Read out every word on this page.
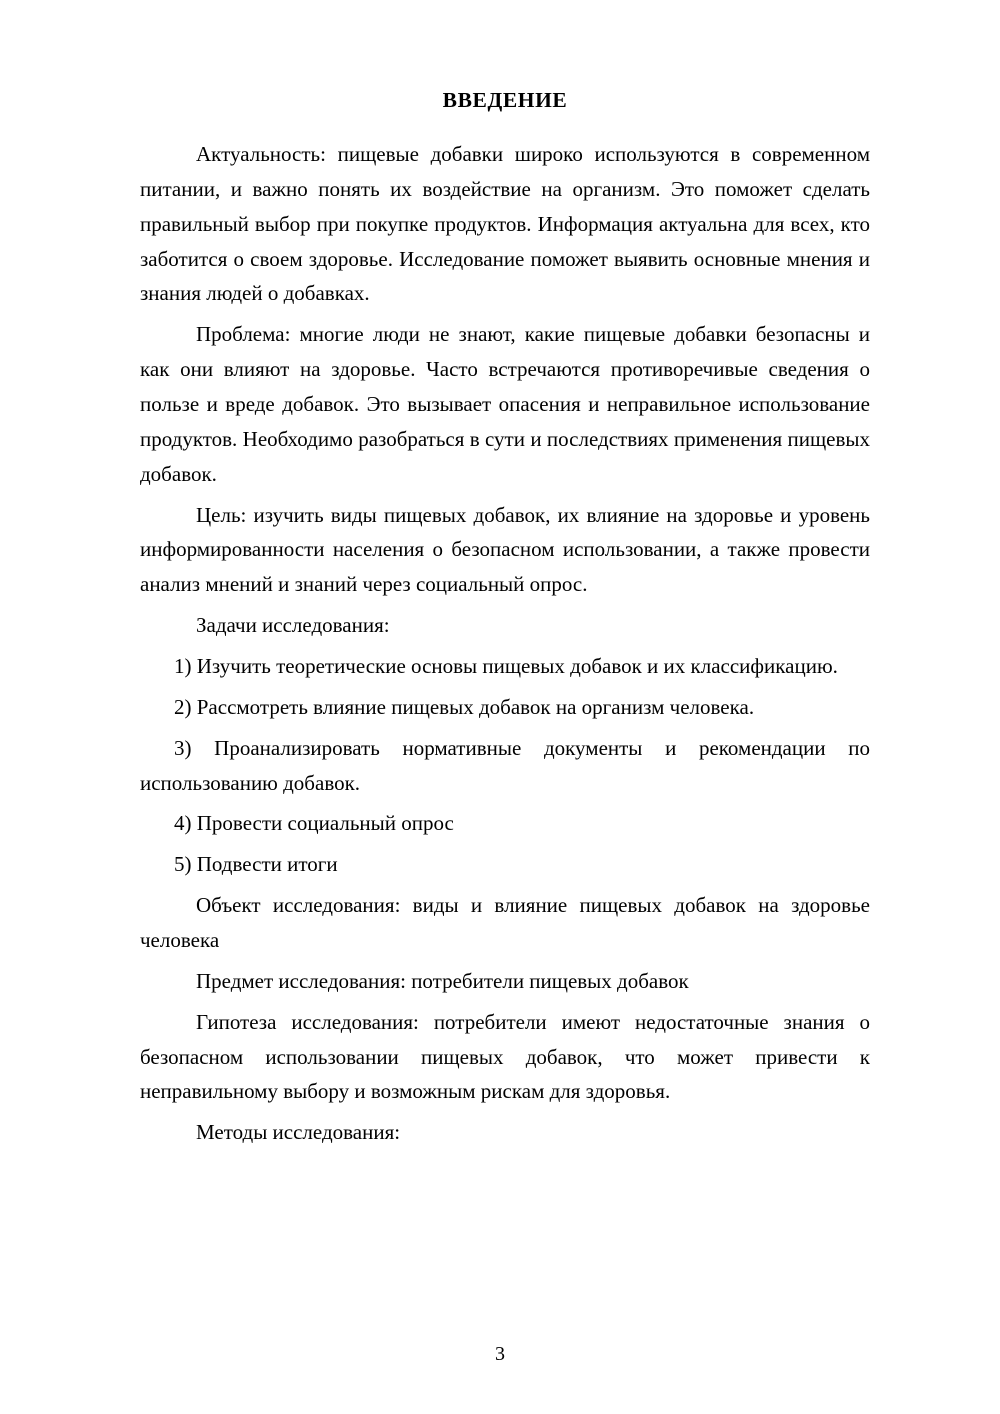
ВВЕДЕНИЕ

Актуальность: пищевые добавки широко используются в современном питании, и важно понять их воздействие на организм. Это поможет сделать правильный выбор при покупке продуктов. Информация актуальна для всех, кто заботится о своем здоровье. Исследование поможет выявить основные мнения и знания людей о добавках.

Проблема: многие люди не знают, какие пищевые добавки безопасны и как они влияют на здоровье. Часто встречаются противоречивые сведения о пользе и вреде добавок. Это вызывает опасения и неправильное использование продуктов. Необходимо разобраться в сути и последствиях применения пищевых добавок.

Цель: изучить виды пищевых добавок, их влияние на здоровье и уровень информированности населения о безопасном использовании, а также провести анализ мнений и знаний через социальный опрос.

Задачи исследования:

1) Изучить теоретические основы пищевых добавок и их классификацию.

2) Рассмотреть влияние пищевых добавок на организм человека.

3) Проанализировать нормативные документы и рекомендации по использованию добавок.

4) Провести социальный опрос

5) Подвести итоги

Объект исследования: виды и влияние пищевых добавок на здоровье человека

Предмет исследования: потребители пищевых добавок

Гипотеза исследования: потребители имеют недостаточные знания о безопасном использовании пищевых добавок, что может привести к неправильному выбору и возможным рискам для здоровья.

Методы исследования:

3
